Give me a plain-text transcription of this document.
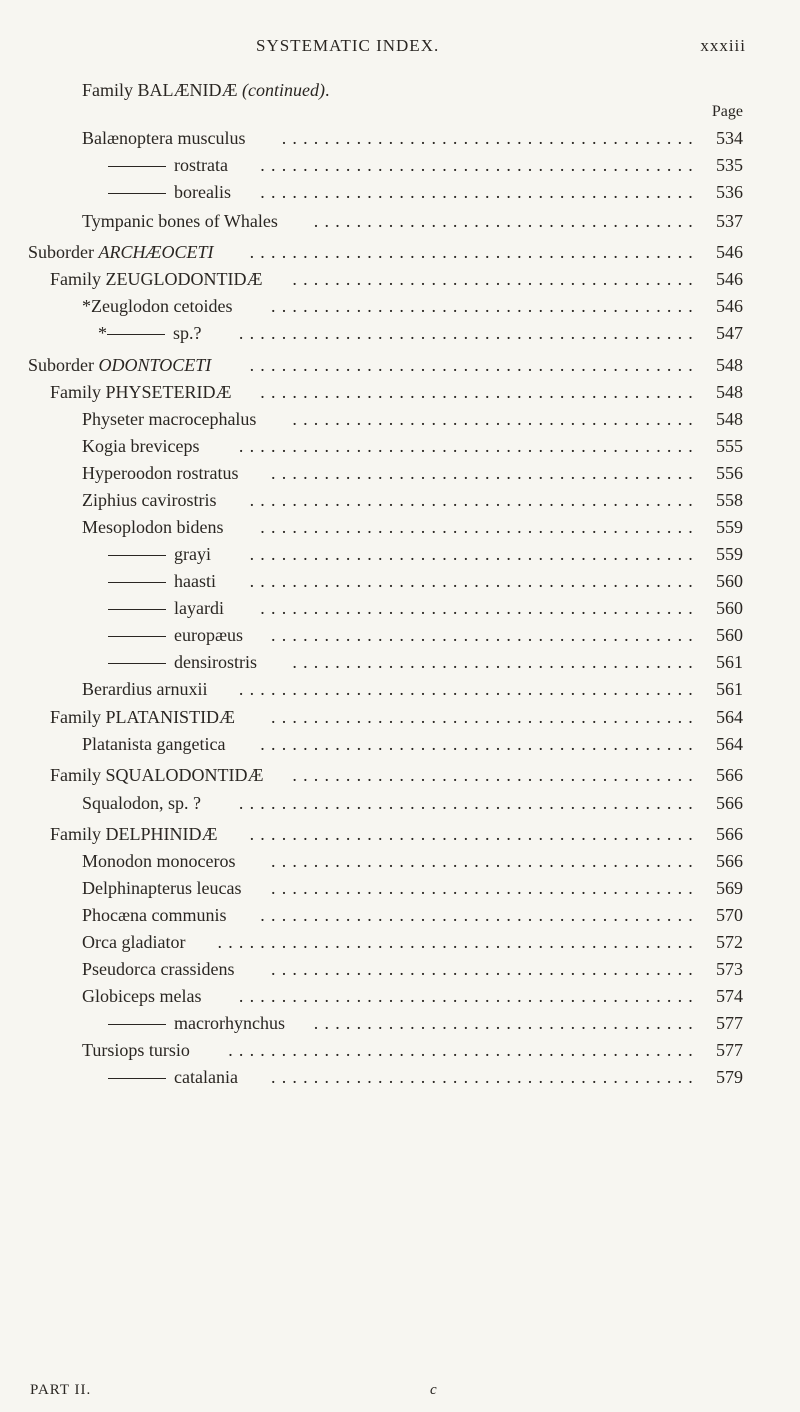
SYSTEMATIC INDEX.	xxxiii
Family BALÆNIDÆ (continued).
Page
Balænoptera musculus	....................................... 534
rostrata	......................................... 535
borealis	......................................... 536
Tympanic bones of Whales	.................................... 537
Suborder ARCHÆOCETI	.......................................... 546
Family ZEUGLODONTIDÆ	...................................... 546
*Zeuglodon cetoides	........................................ 546
*	sp.?	........................................... 547
Suborder ODONTOCETI	.......................................... 548
Family PHYSETERIDÆ	......................................... 548
Physeter macrocephalus	...................................... 548
Kogia breviceps	........................................... 555
Hyperoodon rostratus	........................................ 556
Ziphius cavirostris	.......................................... 558
Mesoplodon bidens	......................................... 559
grayi	.......................................... 559
haasti	.......................................... 560
layardi	......................................... 560
europæus	........................................ 560
densirostris	...................................... 561
Berardius arnuxii	........................................... 561
Family PLATANISTIDÆ	........................................ 564
Platanista gangetica	......................................... 564
Family SQUALODONTIDÆ	...................................... 566
Squalodon, sp. ?	........................................... 566
Family DELPHINIDÆ	.......................................... 566
Monodon monoceros	........................................ 566
Delphinapterus leucas	........................................ 569
Phocæna communis	......................................... 570
Orca gladiator	............................................. 572
Pseudorca crassidens	........................................ 573
Globiceps melas	........................................... 574
macrorhynchus	.................................... 577
Tursiops tursio	............................................ 577
catalania	........................................ 579
PART II.	c
